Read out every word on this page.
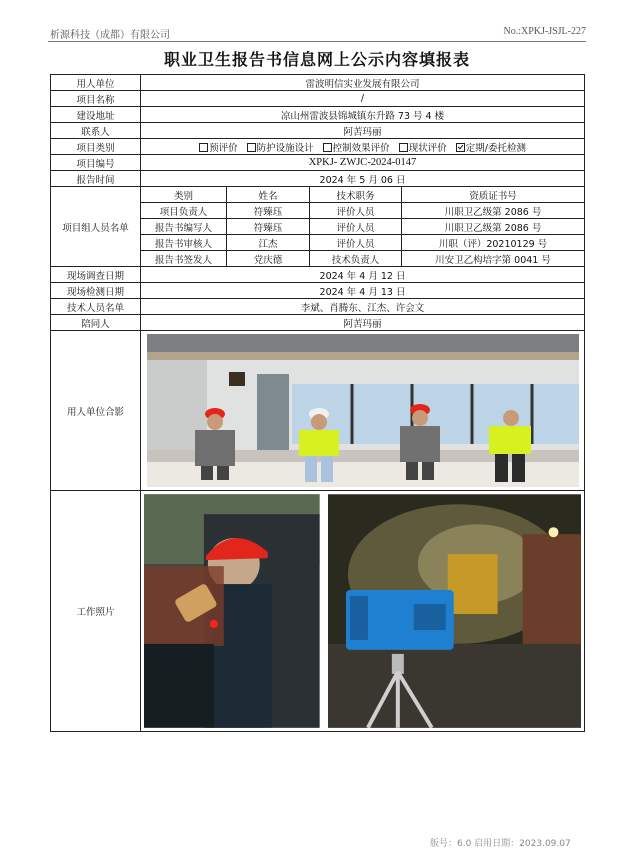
析源科技（成都）有限公司	No.:XPKJ-JSJL-227
职业卫生报告书信息网上公示内容填报表
用人单位	雷波明信实业发展有限公司			
项目名称	/			
建设地址	凉山州雷波县锦城镇东升路 73 号 4 楼			
联系人	阿苦玛丽			
项目类别	预评价 防护设施设计 控制效果评价 现状评价 定期/委托检测			
项目编号	XPKJ- ZWJC-2024-0147			
报告时间	2024 年 5 月 06 日			
项目组人员名单	类别	姓名	技术职务	资质证书号
	项目负责人	符臻珏	评价人员	川职卫乙级第 2086 号
	报告书编写人	符臻珏	评价人员	川职卫乙级第 2086 号
	报告书审核人	江杰	评价人员	川职（评）20210129 号
	报告书签发人	党庆德	技术负责人	川安卫乙构培字第 0041 号
现场调查日期	2024 年 4 月 12 日			
现场检测日期	2024 年 4 月 13 日			
技术人员名单	李斌、肖腾东、江杰、许会文			
陪同人	阿苦玛丽			
用人单位合影	

工作照片	
版号：6.0 启用日期：2023.09.07
